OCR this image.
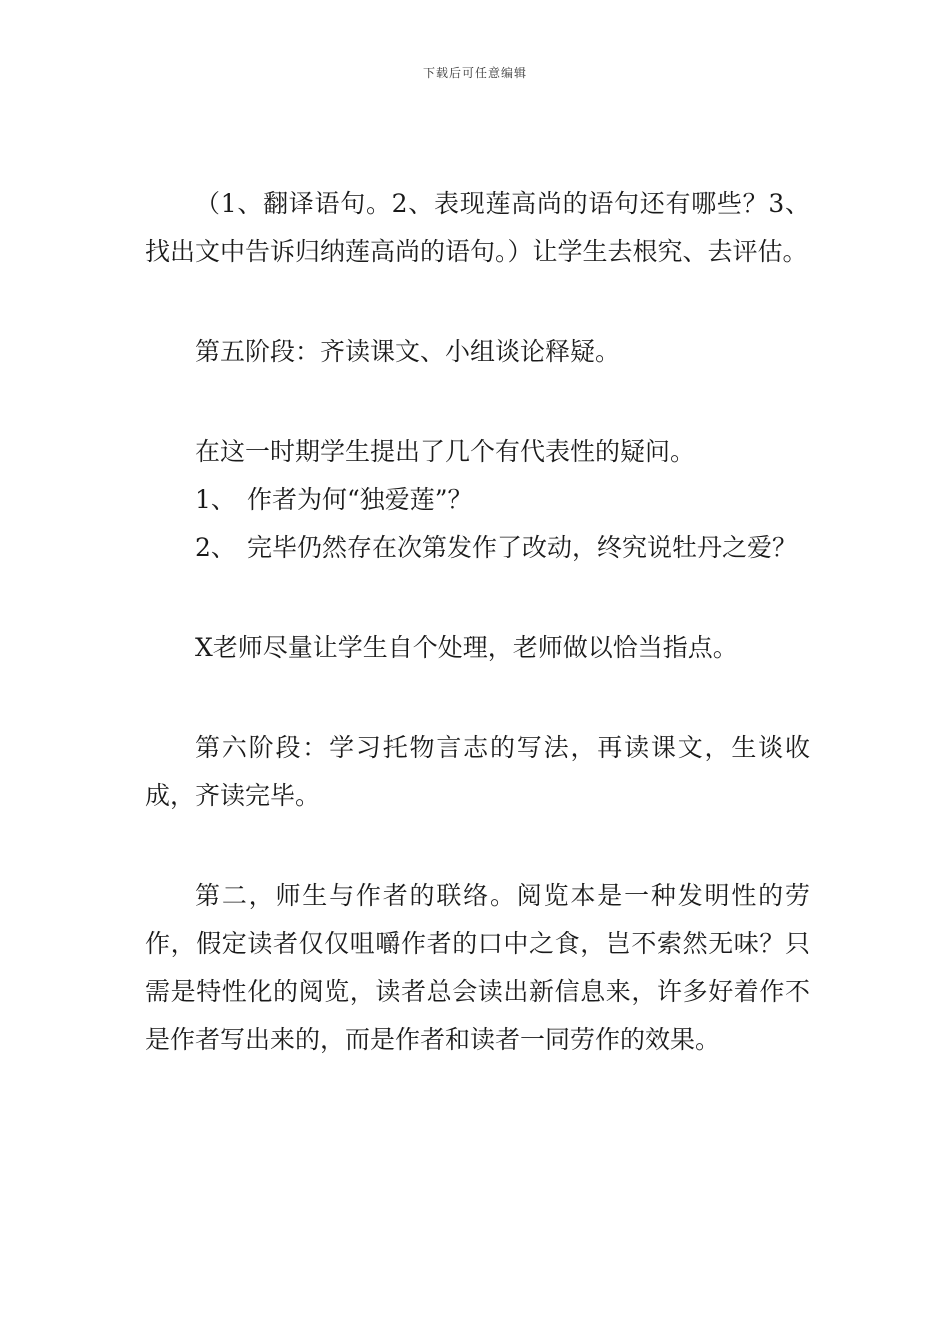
下载后可任意编辑

（1、翻译语句。2、表现莲高尚的语句还有哪些？3、找出文中告诉归纳莲高尚的语句。）让学生去根究、去评估。

第五阶段：齐读课文、小组谈论释疑。

在这一时期学生提出了几个有代表性的疑问。

1、 作者为何“独爱莲”？

2、 完毕仍然存在次第发作了改动，终究说牡丹之爱？

X老师尽量让学生自个处理，老师做以恰当指点。

第六阶段：学习托物言志的写法，再读课文，生谈收成，齐读完毕。

第二，师生与作者的联络。阅览本是一种发明性的劳作，假定读者仅仅咀嚼作者的口中之食，岂不索然无味？只需是特性化的阅览，读者总会读出新信息来，许多好着作不是作者写出来的，而是作者和读者一同劳作的效果。
